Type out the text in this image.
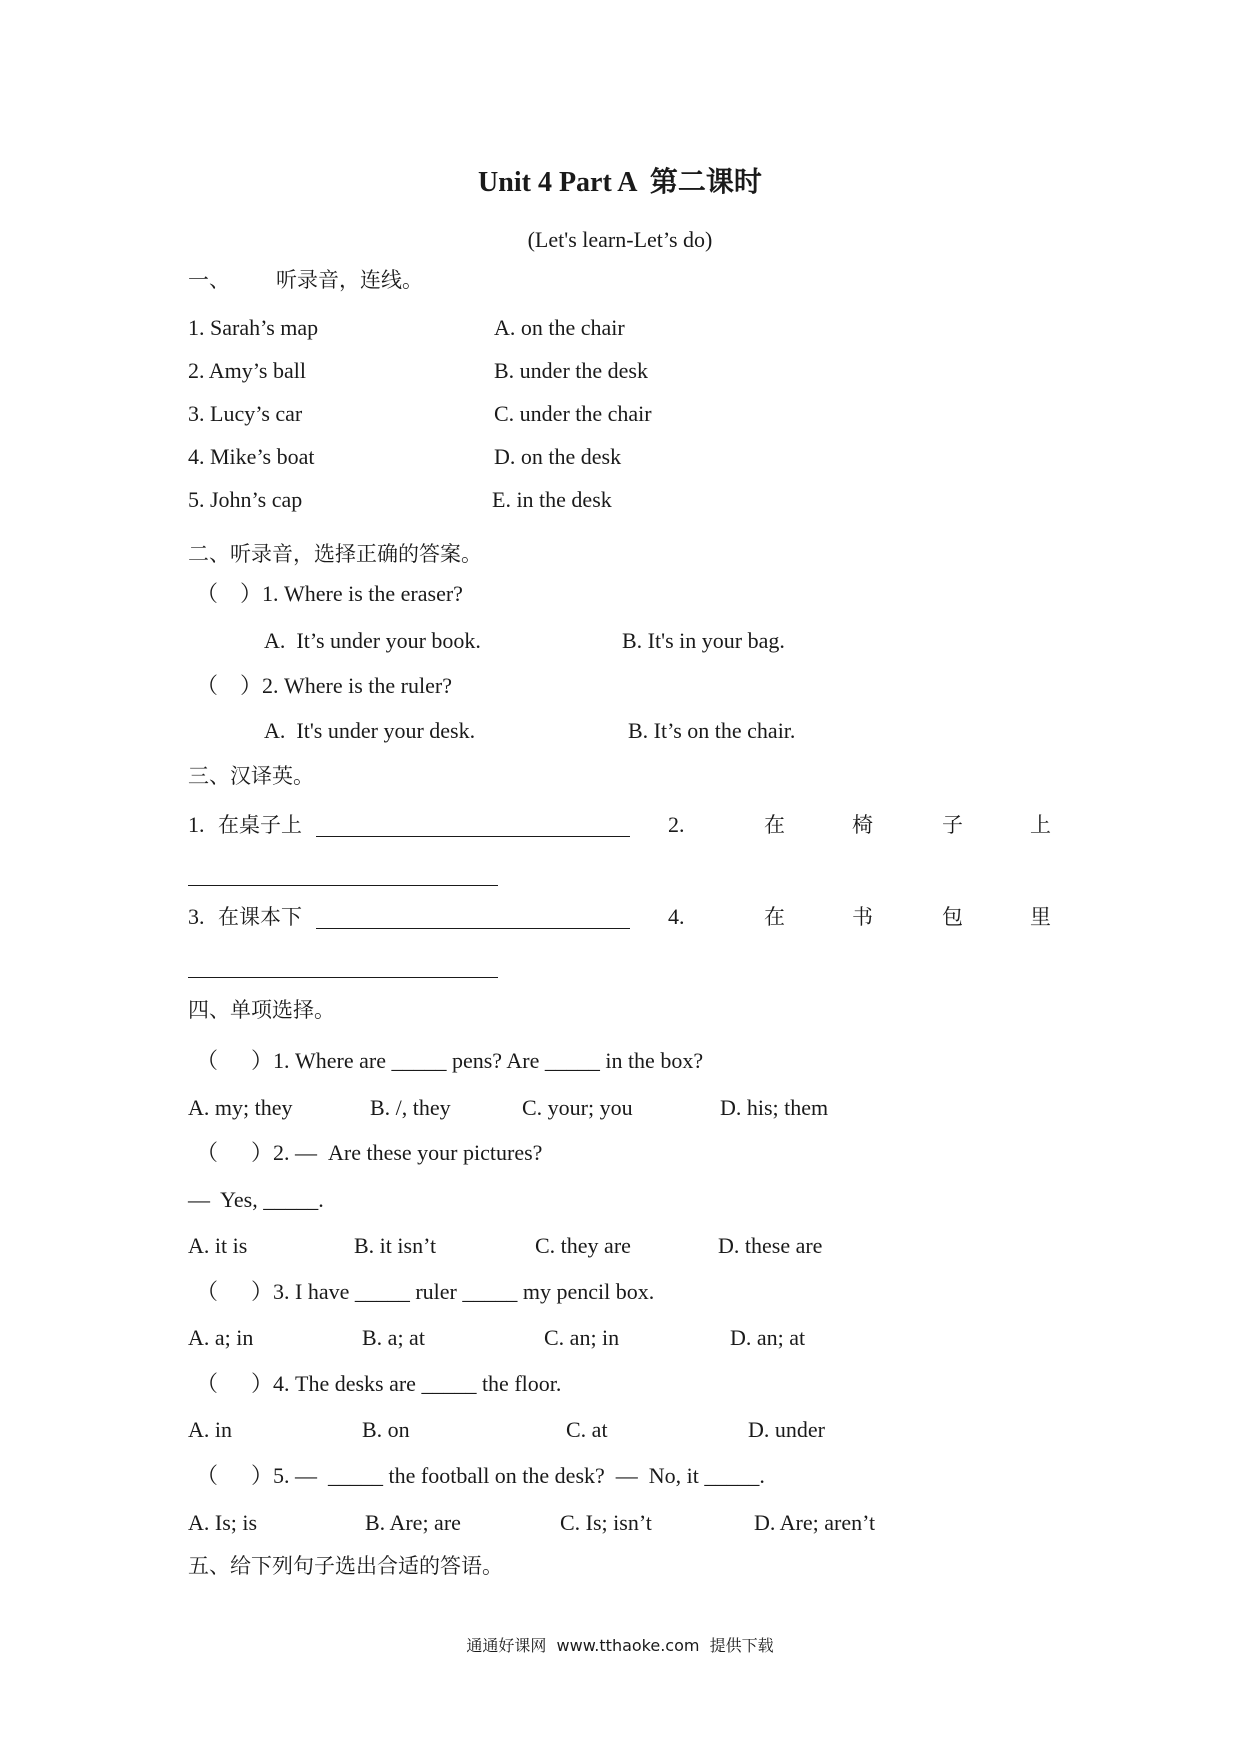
Unit 4 Part A  第二课时
(Let's learn-Let’s do)
一、 听录音，连线。
1. Sarah’s map	A. on the chair
2. Amy’s ball	B. under the desk
3. Lucy’s car	C. under the chair
4. Mike’s boat	D. on the desk
5. John’s cap	E. in the desk
二、听录音，选择正确的答案。
（    ）1. Where is the eraser?
A.  It’s under your book.	B. It's in your bag.
（    ）2. Where is the ruler?
A.  It's under your desk.	B. It’s on the chair.
三、汉译英。
1. 在桌子上	2.	在	椅	子	上
3. 在课本下	4.	在	书	包	里
四、单项选择。
（      ）1. Where are _____ pens? Are _____ in the box?
A. my; they	B. /, they	C. your; you	D. his; them
（      ）2. —  Are these your pictures?
—  Yes, _____.
A. it is	B. it isn’t	C. they are	D. these are
（      ）3. I have _____ ruler _____ my pencil box.
A. a; in	B. a; at	C. an; in	D. an; at
（      ）4. The desks are _____ the floor.
A. in	B. on	C. at	D. under
（      ）5. —  _____ the football on the desk?  —  No, it _____.
A. Is; is	B. Are; are	C. Is; isn’t	D. Are; aren’t
五、给下列句子选出合适的答语。
通通好课网  www.tthaoke.com  提供下载
